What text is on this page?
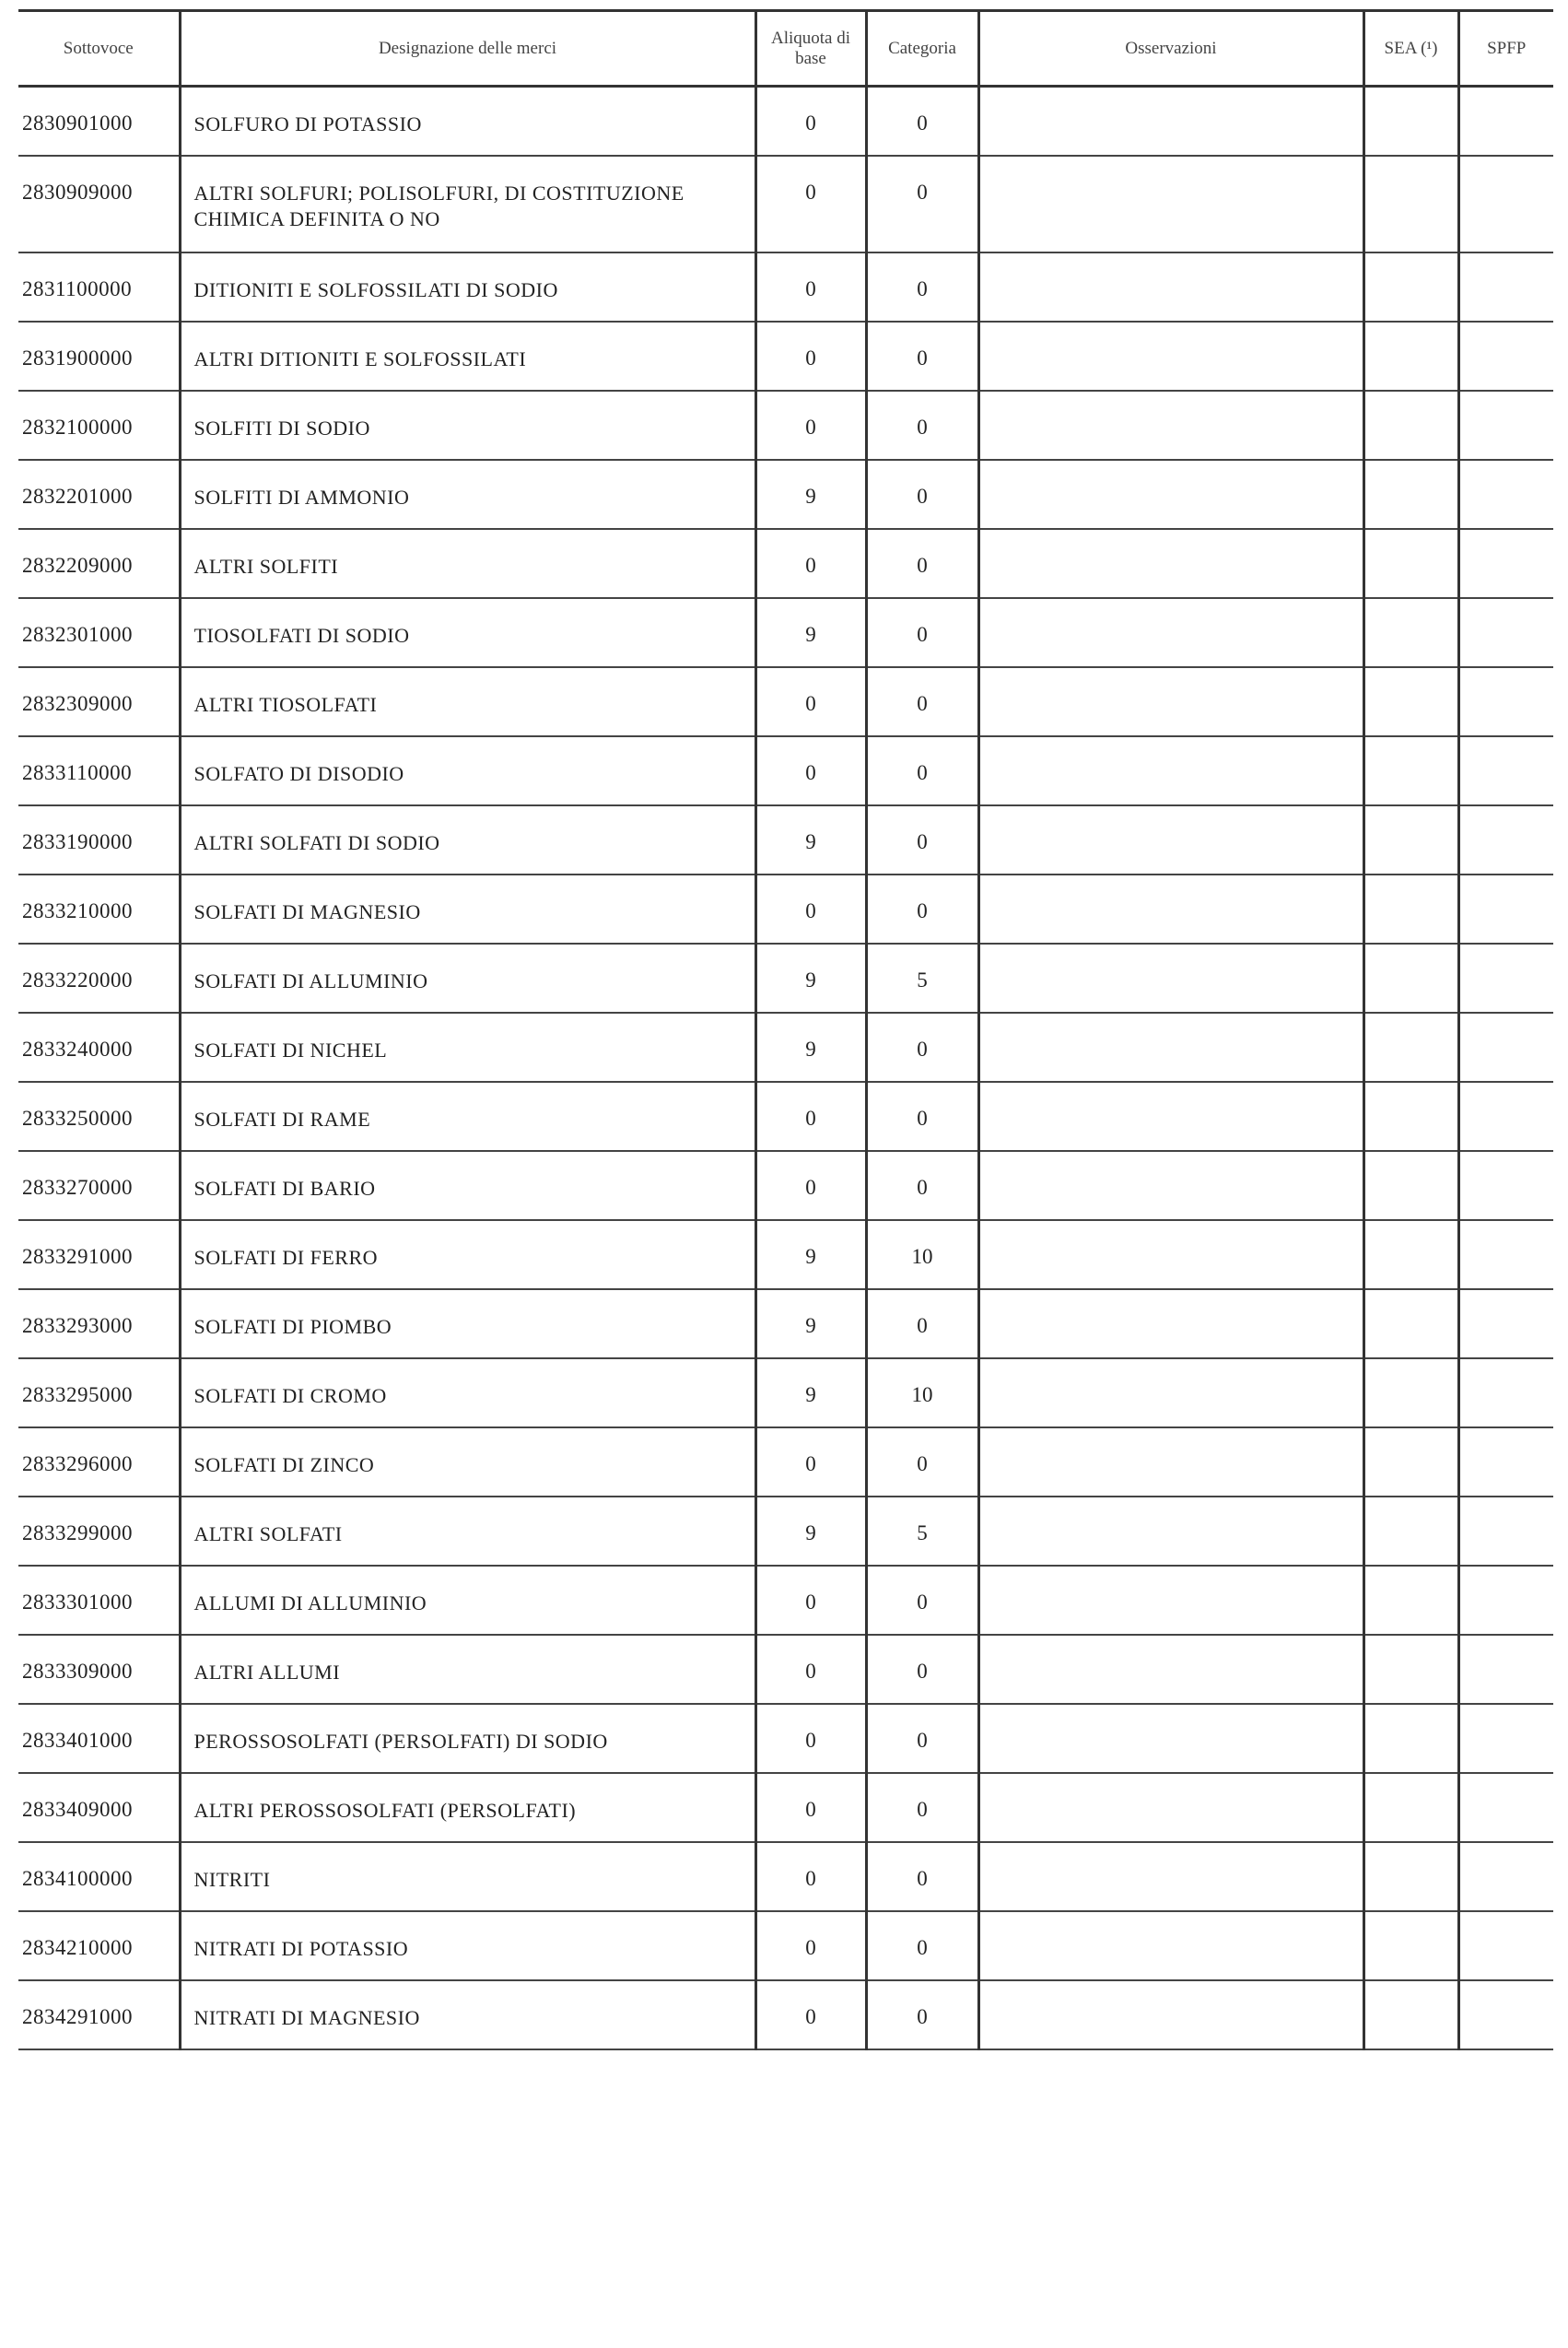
Sottovoce	Designazione delle merci	Aliquota di
base	Categoria	Osservazioni	SEA (¹)	SPFP
2830901000	SOLFURO DI POTASSIO	0	0			
2830909000	ALTRI SOLFURI; POLISOLFURI, DI COSTITUZIONE CHIMICA DEFINITA O NO	0	0			
2831100000	DITIONITI E SOLFOSSILATI DI SODIO	0	0			
2831900000	ALTRI DITIONITI E SOLFOSSILATI	0	0			
2832100000	SOLFITI DI SODIO	0	0			
2832201000	SOLFITI DI AMMONIO	9	0			
2832209000	ALTRI SOLFITI	0	0			
2832301000	TIOSOLFATI DI SODIO	9	0			
2832309000	ALTRI TIOSOLFATI	0	0			
2833110000	SOLFATO DI DISODIO	0	0			
2833190000	ALTRI SOLFATI DI SODIO	9	0			
2833210000	SOLFATI DI MAGNESIO	0	0			
2833220000	SOLFATI DI ALLUMINIO	9	5			
2833240000	SOLFATI DI NICHEL	9	0			
2833250000	SOLFATI DI RAME	0	0			
2833270000	SOLFATI DI BARIO	0	0			
2833291000	SOLFATI DI FERRO	9	10			
2833293000	SOLFATI DI PIOMBO	9	0			
2833295000	SOLFATI DI CROMO	9	10			
2833296000	SOLFATI DI ZINCO	0	0			
2833299000	ALTRI SOLFATI	9	5			
2833301000	ALLUMI DI ALLUMINIO	0	0			
2833309000	ALTRI ALLUMI	0	0			
2833401000	PEROSSOSOLFATI (PERSOLFATI) DI SODIO	0	0			
2833409000	ALTRI PEROSSOSOLFATI (PERSOLFATI)	0	0			
2834100000	NITRITI	0	0			
2834210000	NITRATI DI POTASSIO	0	0			
2834291000	NITRATI DI MAGNESIO	0	0			
